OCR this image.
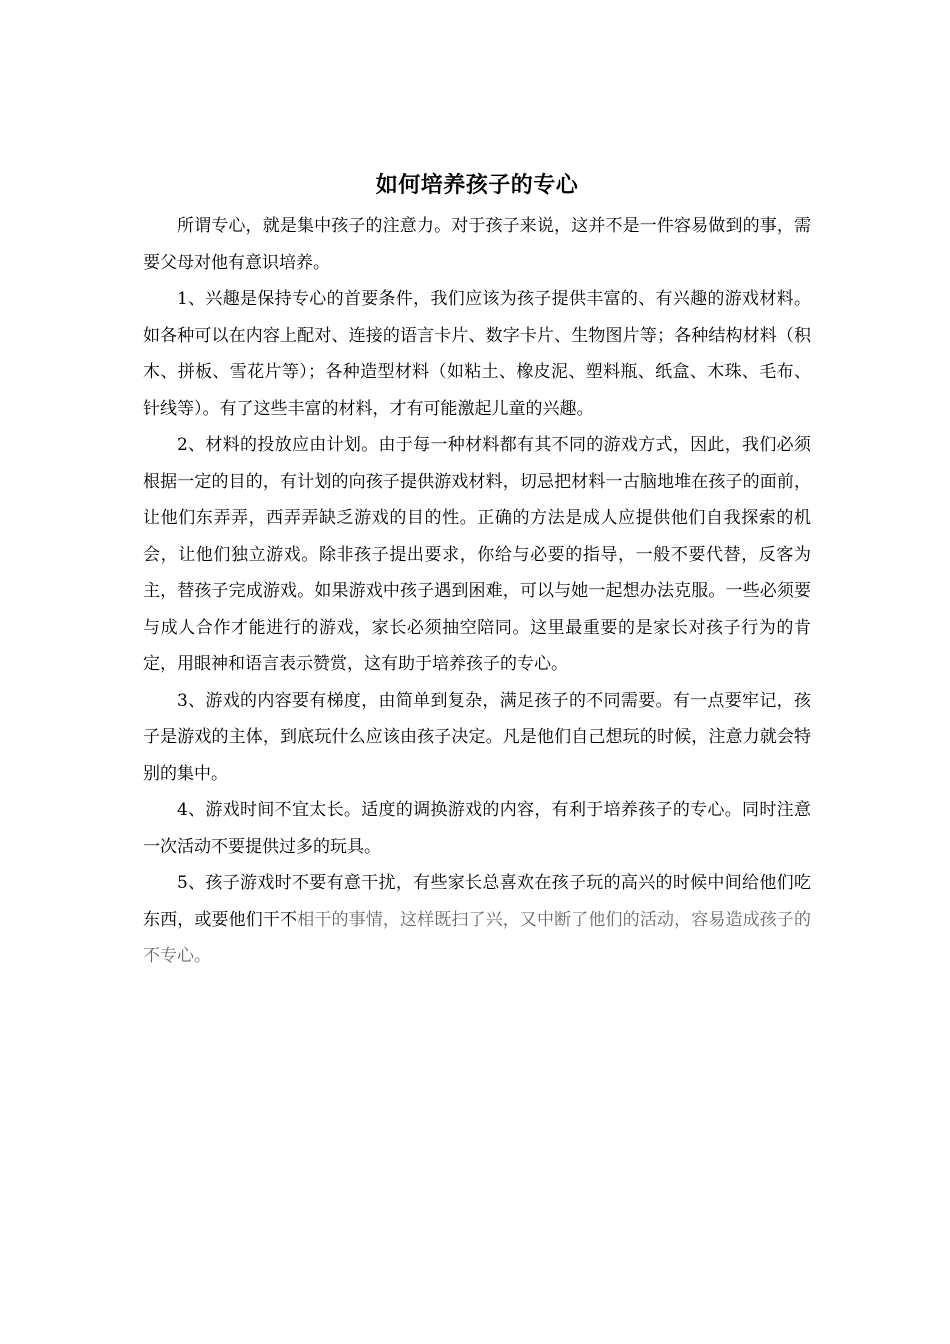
如何培养孩子的专心

所谓专心，就是集中孩子的注意力。对于孩子来说，这并不是一件容易做到的事，需要父母对他有意识培养。

1、兴趣是保持专心的首要条件，我们应该为孩子提供丰富的、有兴趣的游戏材料。如各种可以在内容上配对、连接的语言卡片、数字卡片、生物图片等；各种结构材料（积木、拼板、雪花片等）；各种造型材料（如粘土、橡皮泥、塑料瓶、纸盒、木珠、毛布、针线等）。有了这些丰富的材料，才有可能激起儿童的兴趣。

2、材料的投放应由计划。由于每一种材料都有其不同的游戏方式，因此，我们必须根据一定的目的，有计划的向孩子提供游戏材料，切忌把材料一古脑地堆在孩子的面前，让他们东弄弄，西弄弄缺乏游戏的目的性。正确的方法是成人应提供他们自我探索的机会，让他们独立游戏。除非孩子提出要求，你给与必要的指导，一般不要代替，反客为主，替孩子完成游戏。如果游戏中孩子遇到困难，可以与她一起想办法克服。一些必须要与成人合作才能进行的游戏，家长必须抽空陪同。这里最重要的是家长对孩子行为的肯定，用眼神和语言表示赞赏，这有助于培养孩子的专心。

3、游戏的内容要有梯度，由简单到复杂，满足孩子的不同需要。有一点要牢记，孩子是游戏的主体，到底玩什么应该由孩子决定。凡是他们自己想玩的时候，注意力就会特别的集中。

4、游戏时间不宜太长。适度的调换游戏的内容，有利于培养孩子的专心。同时注意一次活动不要提供过多的玩具。

5、孩子游戏时不要有意干扰，有些家长总喜欢在孩子玩的高兴的时候中间给他们吃东西，或要他们干不相干的事情，这样既扫了兴，又中断了他们的活动，容易造成孩子的不专心。
